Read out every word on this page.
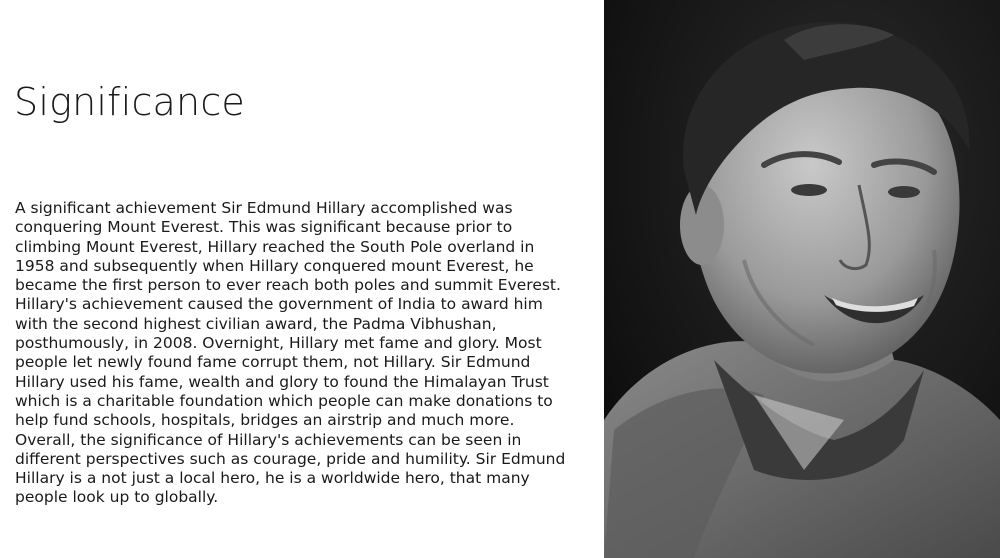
Significance

A significant achievement Sir Edmund Hillary accomplished was conquering Mount Everest. This was significant because prior to climbing Mount Everest, Hillary reached the South Pole overland in 1958 and subsequently when Hillary conquered mount Everest, he became the first person to ever reach both poles and summit Everest. Hillary's achievement caused the government of India to award him with the second highest civilian award, the Padma Vibhushan, posthumously, in 2008. Overnight, Hillary met fame and glory. Most people let newly found fame corrupt them, not Hillary. Sir Edmund Hillary used his fame, wealth and glory to found the Himalayan Trust which is a charitable foundation which people can make donations to help fund schools, hospitals, bridges an airstrip and much more. Overall, the significance of Hillary's achievements can be seen in different perspectives such as courage, pride and humility. Sir Edmund Hillary is a not just a local hero, he is a worldwide hero, that many people look up to globally.
